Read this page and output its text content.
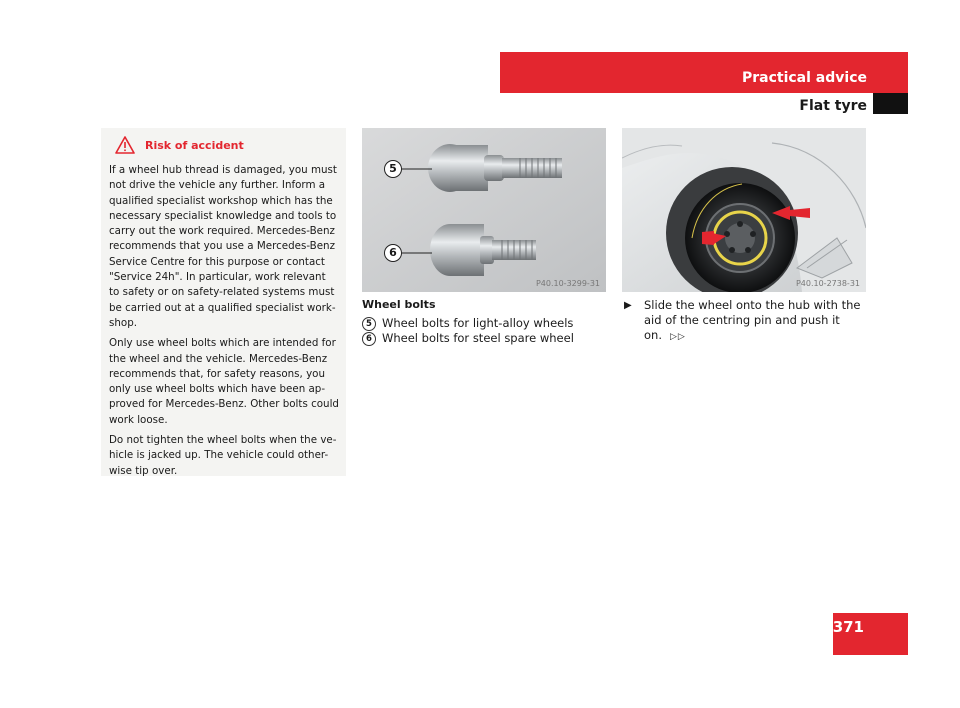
Practical advice
Flat tyre
Risk of accident

If a wheel hub thread is damaged, you must not drive the vehicle any further. Inform a qualified specialist workshop which has the necessary specialist knowledge and tools to carry out the work required. Mercedes-Benz recommends that you use a Mercedes-Benz Service Centre for this purpose or contact "Service 24h". In particular, work relevant to safety or on safety-related systems must be carried out at a qualified specialist work-shop.

Only use wheel bolts which are intended for the wheel and the vehicle. Mercedes-Benz recommends that, for safety reasons, you only use wheel bolts which have been ap-proved for Mercedes-Benz. Other bolts could work loose.

Do not tighten the wheel bolts when the ve-hicle is jacked up. The vehicle could other-wise tip over.

P40.10-3299-31
5
6
Wheel bolts
5 Wheel bolts for light-alloy wheels
6 Wheel bolts for steel spare wheel
P40.10-2738-31
▶ Slide the wheel onto the hub with the aid of the centring pin and push it on. ▷▷
371
